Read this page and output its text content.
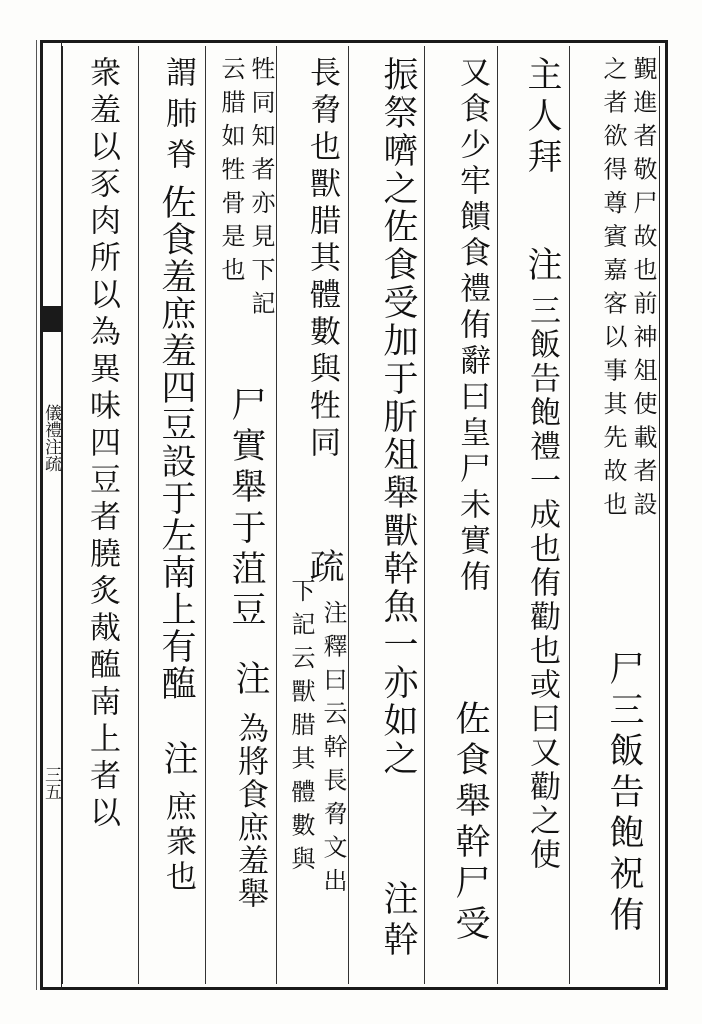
儀禮注疏
三五
覲進者敬尸故也前神俎使載者設
之者欲得尊賓嘉客以事其先故也
尸三飯告飽祝侑
主人拜
注
三飯告飽禮一成也侑勸也或曰又勸之使
又食少牢饋食禮侑辭曰皇尸未實侑
佐食舉幹尸受
振祭嚌之佐食受加于肵俎舉獸幹魚一亦如之
注幹
長脅也獸腊其體數與牲同
疏
注釋曰云幹長脅文出
下記云獸腊其體數與
牲同知者亦見下記
云腊如牲骨是也
尸實舉于菹豆
注
為將食庶羞舉
謂肺脊
佐食羞庶羞四豆設于左南上有醢
注
庶衆也
衆羞以豕肉所以為異味四豆者膮炙胾醢南上者以
